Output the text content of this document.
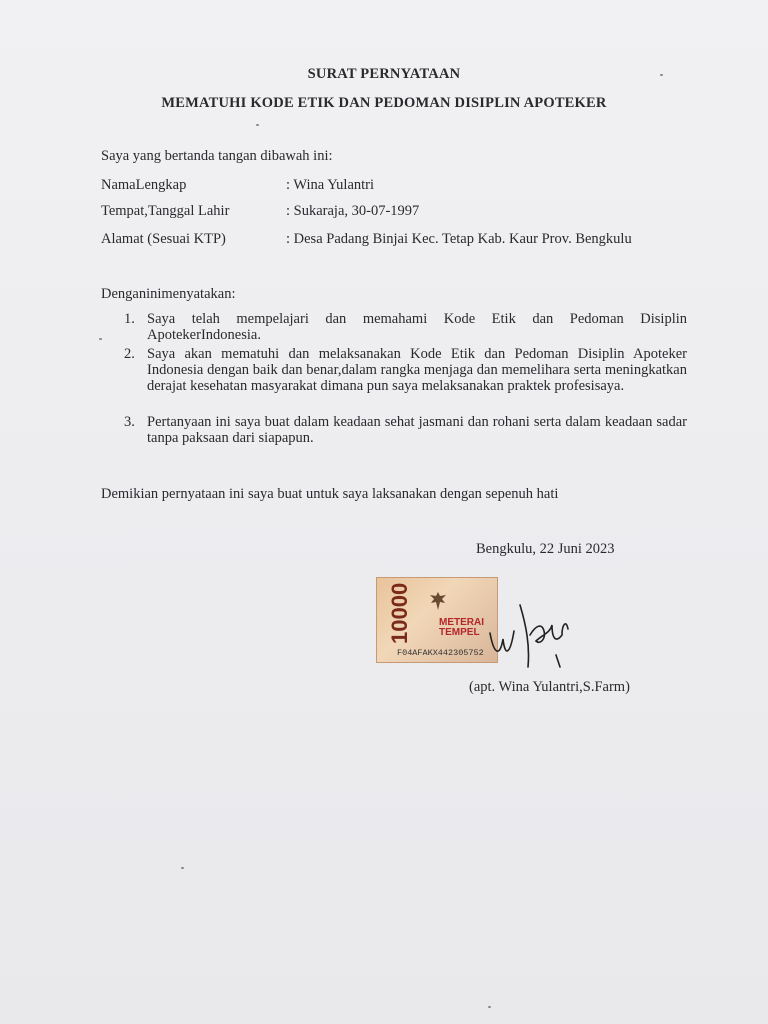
SURAT PERNYATAAN
MEMATUHI KODE ETIK DAN PEDOMAN DISIPLIN APOTEKER
Saya yang bertanda tangan dibawah ini:
NamaLengkap	: Wina Yulantri
Tempat,Tanggal Lahir	: Sukaraja, 30-07-1997
Alamat (Sesuai KTP)	: Desa Padang Binjai Kec. Tetap Kab. Kaur Prov. Bengkulu
Denganinimenyatakan:
1. Saya telah mempelajari dan memahami Kode Etik dan Pedoman Disiplin ApotekerIndonesia.
2. Saya akan mematuhi dan melaksanakan Kode Etik dan Pedoman Disiplin Apoteker Indonesia dengan baik dan benar,dalam rangka menjaga dan memelihara serta meningkatkan derajat kesehatan masyarakat dimana pun saya melaksanakan praktek profesisaya.
3. Pertanyaan ini saya buat dalam keadaan sehat jasmani dan rohani serta dalam keadaan sadar tanpa paksaan dari siapapun.
Demikian pernyataan ini saya buat untuk saya laksanakan dengan sepenuh hati
Bengkulu, 22 Juni 2023
10000	METERAI
TEMPEL
F04AFAKX442305752
(apt. Wina Yulantri,S.Farm)
